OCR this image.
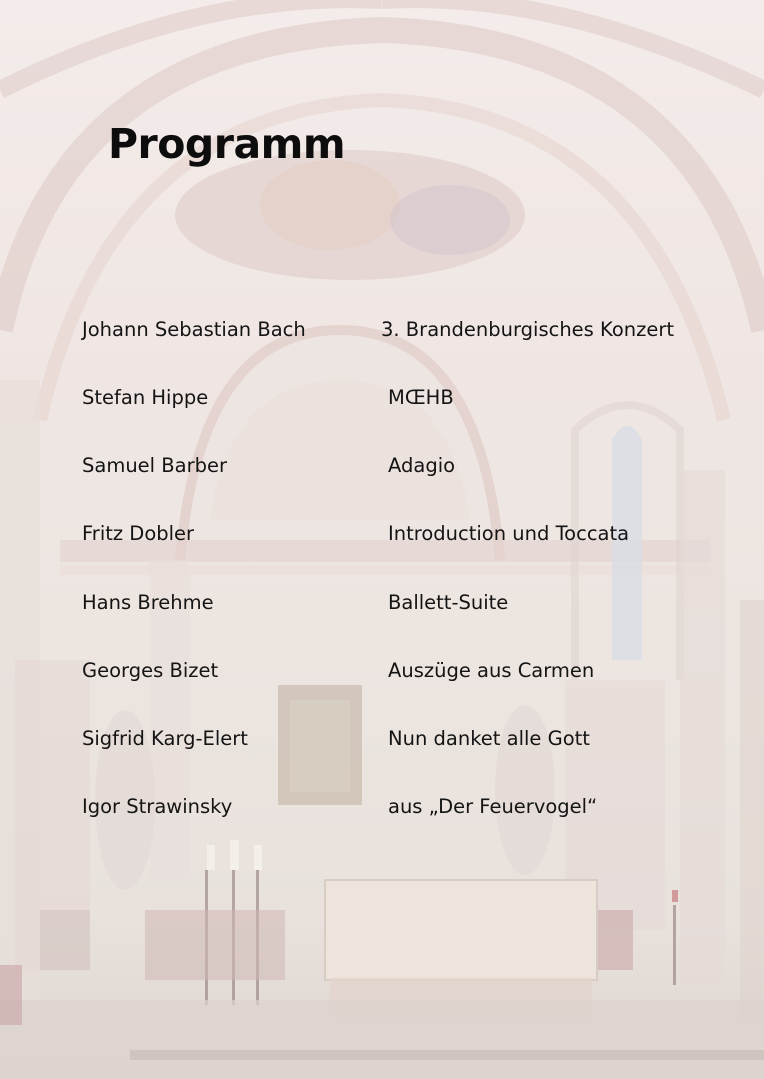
Programm
Johann Sebastian Bach	3. Brandenburgisches Konzert
Stefan Hippe	MŒHB
Samuel Barber	Adagio
Fritz Dobler	Introduction und Toccata
Hans Brehme	Ballett-Suite
Georges Bizet	Auszüge aus Carmen
Sigfrid Karg-Elert	Nun danket alle Gott
Igor Strawinsky	aus „Der Feuervogel“
